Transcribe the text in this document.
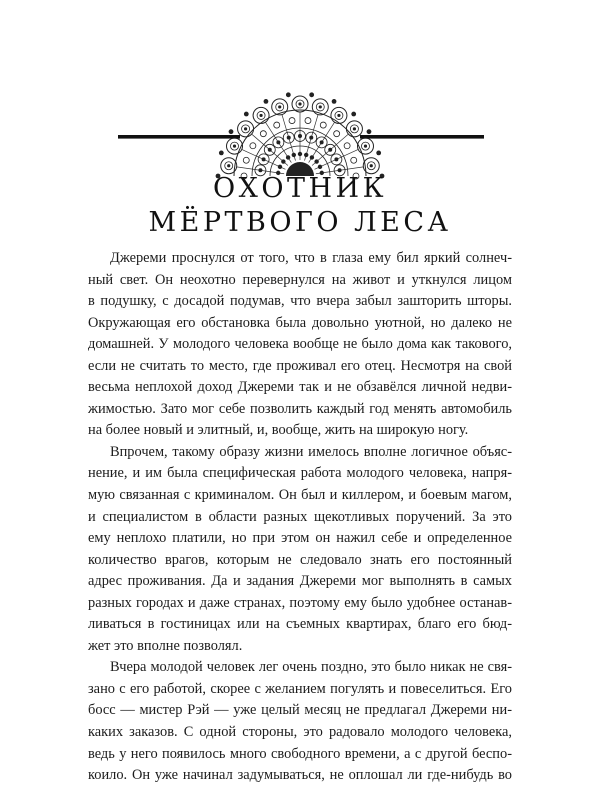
ОХОТНИК
МЁРТВОГО ЛЕСА

Джереми проснулся от того, что в глаза ему бил яркий солнеч-
ный свет. Он неохотно перевернулся на живот и уткнулся лицом
в подушку, с досадой подумав, что вчера забыл зашторить шторы.
Окружающая его обстановка была довольно уютной, но далеко не
домашней. У молодого человека вообще не было дома как такового,
если не считать то место, где проживал его отец. Несмотря на свой
весьма неплохой доход Джереми так и не обзавёлся личной недви-
жимостью. Зато мог себе позволить каждый год менять автомобиль
на более новый и элитный, и, вообще, жить на широкую ногу.

Впрочем, такому образу жизни имелось вполне логичное объяс-
нение, и им была специфическая работа молодого человека, напря-
мую связанная с криминалом. Он был и киллером, и боевым магом,
и специалистом в области разных щекотливых поручений. За это
ему неплохо платили, но при этом он нажил себе и определенное
количество врагов, которым не следовало знать его постоянный
адрес проживания. Да и задания Джереми мог выполнять в самых
разных городах и даже странах, поэтому ему было удобнее останав-
ливаться в гостиницах или на съемных квартирах, благо его бюд-
жет это вполне позволял.

Вчера молодой человек лег очень поздно, это было никак не свя-
зано с его работой, скорее с желанием погулять и повеселиться. Его
босс — мистер Рэй — уже целый месяц не предлагал Джереми ни-
каких заказов. С одной стороны, это радовало молодого человека,
ведь у него появилось много свободного времени, а с другой беспо-
коило. Он уже начинал задумываться, не оплошал ли где-нибудь во
